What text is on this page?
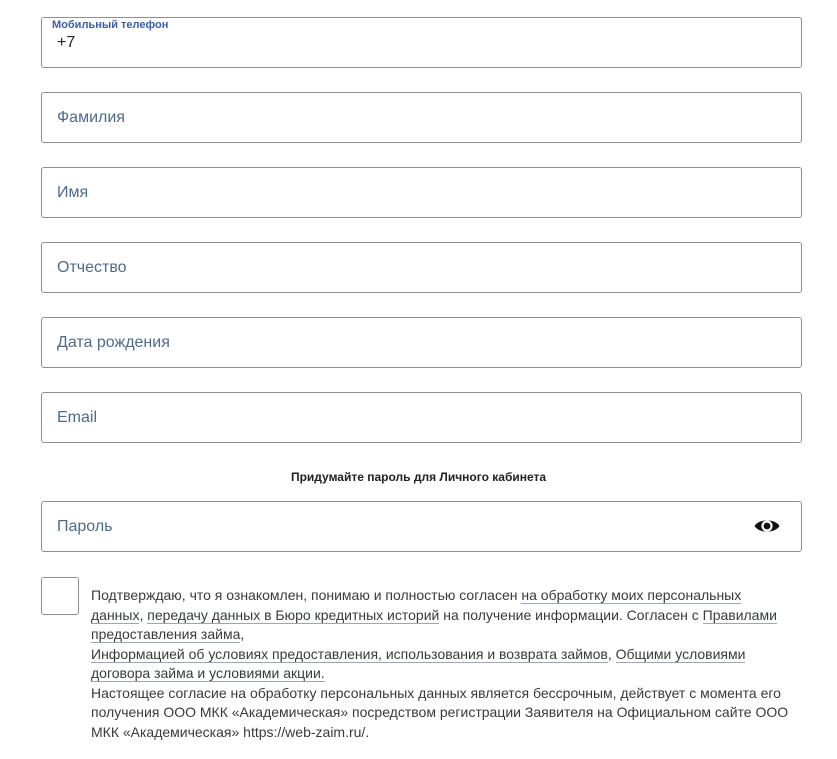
Мобильный телефон
+7
Фамилия
Имя
Отчество
Дата рождения
Email
Придумайте пароль для Личного кабинета
Подтверждаю, что я ознакомлен, понимаю и полностью согласен на обработку моих персональных данных, передачу данных в Бюро кредитных историй на получение информации. Согласен с Правилами предоставления займа,
Информацией об условиях предоставления, использования и возврата займов, Общими условиями договора займа и условиями акции.
Настоящее согласие на обработку персональных данных является бессрочным, действует с момента его получения ООО МКК «Академическая» посредством регистрации Заявителя на Официальном сайте ООО МКК «Академическая» https://web-zaim.ru/.
